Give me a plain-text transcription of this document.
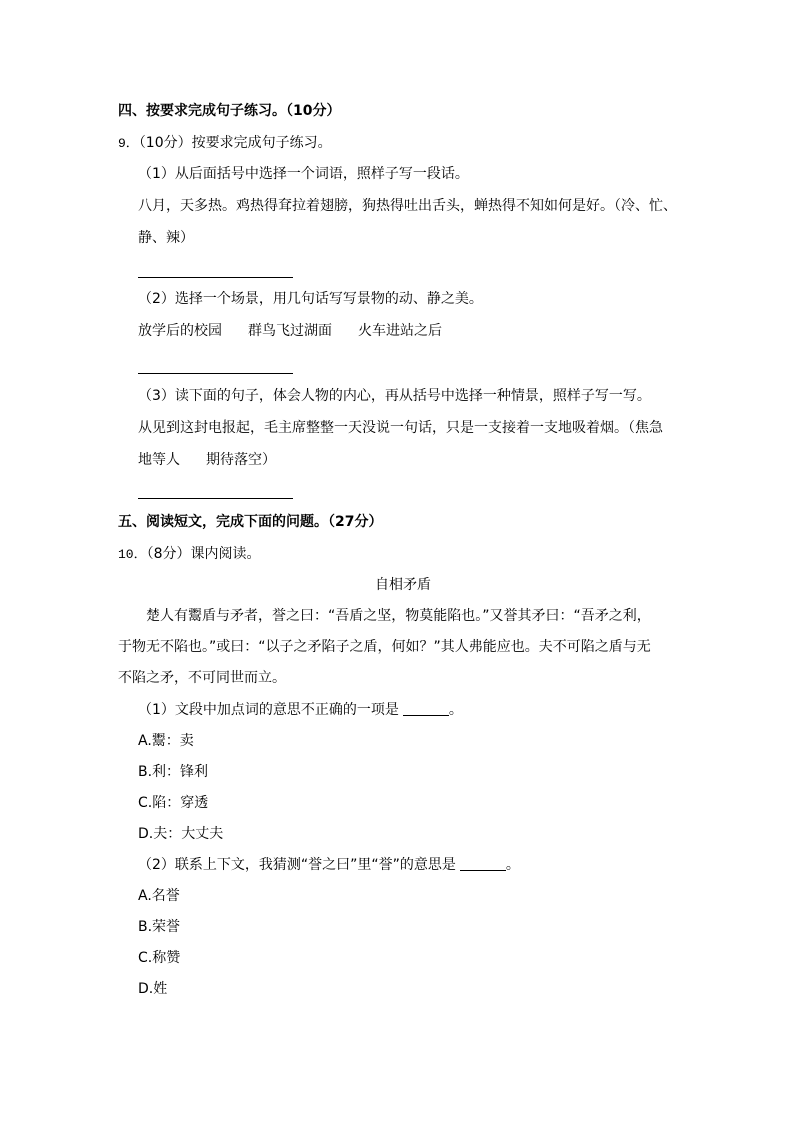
四、按要求完成句子练习。（10分）
9．（10分）按要求完成句子练习。
（1）从后面括号中选择一个词语，照样子写一段话。
八月，天多热。鸡热得耷拉着翅膀，狗热得吐出舌头，蝉热得不知如何是好。（冷、忙、
静、辣）
（2）选择一个场景，用几句话写写景物的动、静之美。
放学后的校园 群鸟飞过湖面 火车进站之后
（3）读下面的句子，体会人物的内心，再从括号中选择一种情景，照样子写一写。
从见到这封电报起，毛主席整整一天没说一句话，只是一支接着一支地吸着烟。（焦急
地等人 期待落空）
五、阅读短文，完成下面的问题。（27分）
10．（8分）课内阅读。
自相矛盾
楚人有鬻盾与矛者，誉之曰：“吾盾之坚，物莫能陷也。”又誉其矛曰：“吾矛之利，
于物无不陷也。”或曰：“以子之矛陷子之盾，何如？”其人弗能应也。夫不可陷之盾与无
不陷之矛，不可同世而立。
（1）文段中加点词的意思不正确的一项是	。
A.鬻：卖
B.利：锋利
C.陷：穿透
D.夫：大丈夫
（2）联系上下文，我猜测“誉之曰”里“誉”的意思是	。
A.名誉
B.荣誉
C.称赞
D.姓
